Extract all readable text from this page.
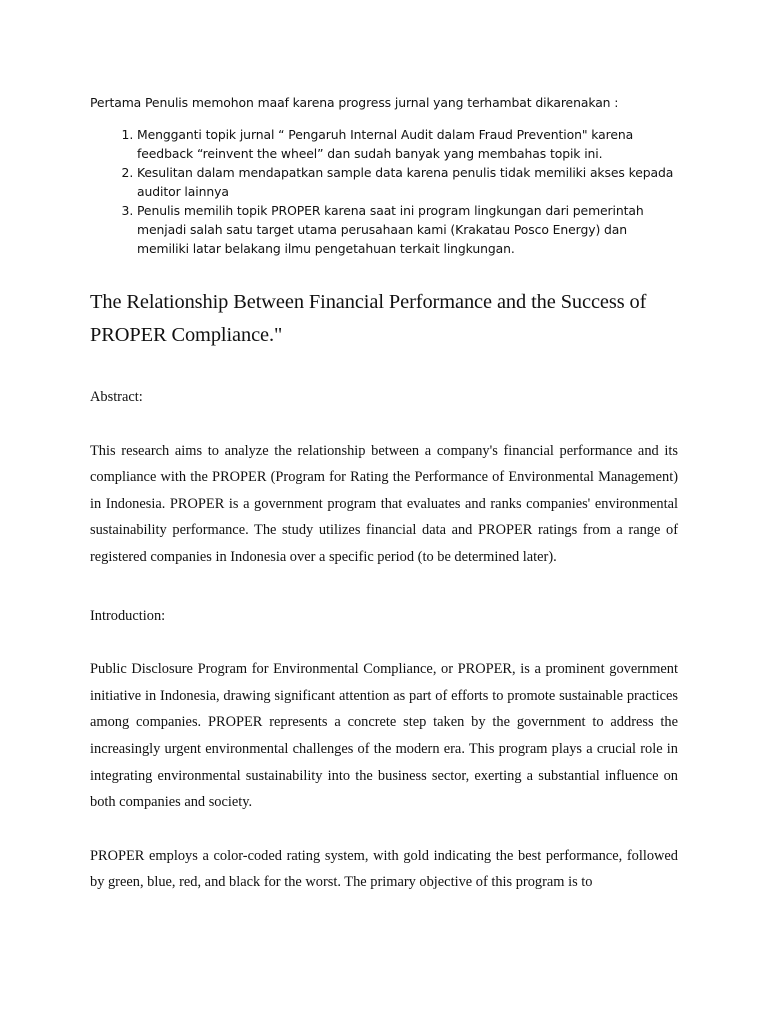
Pertama Penulis memohon maaf karena progress jurnal yang terhambat dikarenakan :

1. Mengganti topik jurnal “ Pengaruh Internal Audit dalam Fraud Prevention" karena feedback “reinvent the wheel” dan sudah banyak yang membahas topik ini.
2. Kesulitan dalam mendapatkan sample data karena penulis tidak memiliki akses kepada auditor lainnya
3. Penulis memilih topik PROPER karena saat ini program lingkungan dari pemerintah menjadi salah satu target utama perusahaan kami (Krakatau Posco Energy) dan memiliki latar belakang ilmu pengetahuan terkait lingkungan.
The Relationship Between Financial Performance and the Success of PROPER Compliance."

Abstract:

This research aims to analyze the relationship between a company's financial performance and its compliance with the PROPER (Program for Rating the Performance of Environmental Management) in Indonesia. PROPER is a government program that evaluates and ranks companies' environmental sustainability performance. The study utilizes financial data and PROPER ratings from a range of registered companies in Indonesia over a specific period (to be determined later).

Introduction:

Public Disclosure Program for Environmental Compliance, or PROPER, is a prominent government initiative in Indonesia, drawing significant attention as part of efforts to promote sustainable practices among companies. PROPER represents a concrete step taken by the government to address the increasingly urgent environmental challenges of the modern era. This program plays a crucial role in integrating environmental sustainability into the business sector, exerting a substantial influence on both companies and society.

PROPER employs a color-coded rating system, with gold indicating the best performance, followed by green, blue, red, and black for the worst. The primary objective of this program is to
